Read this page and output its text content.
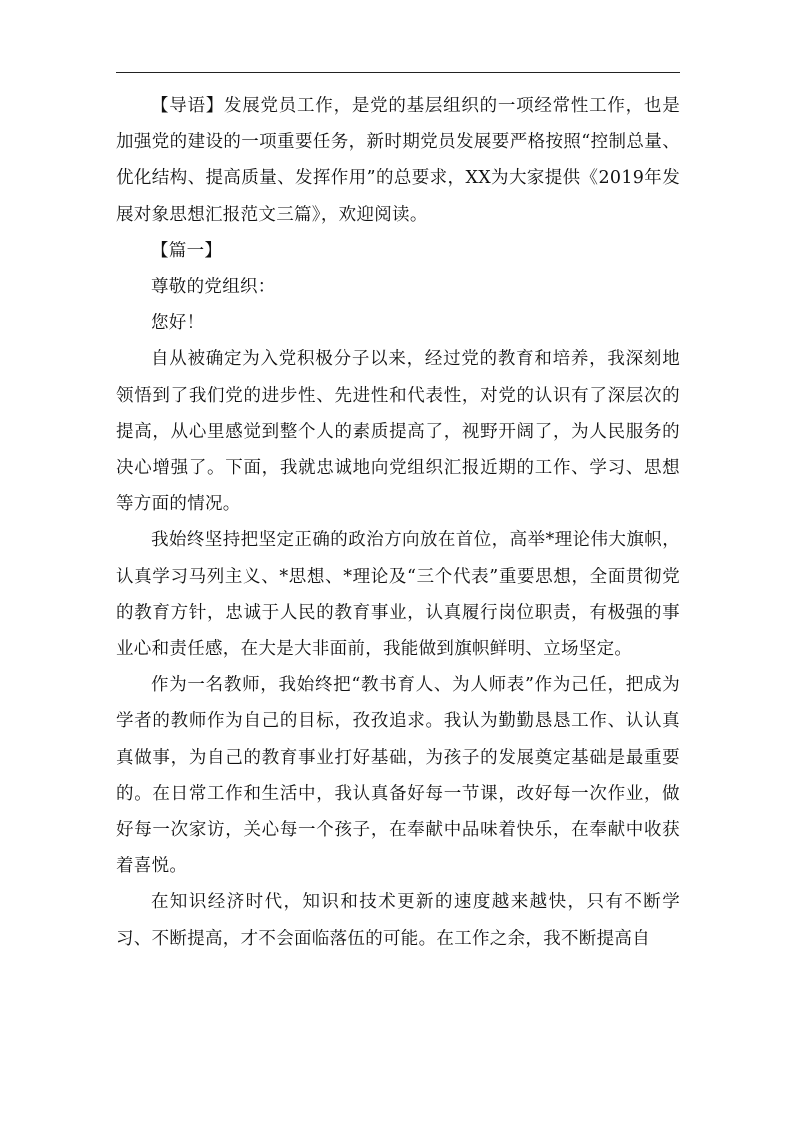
【导语】发展党员工作，是党的基层组织的一项经常性工作，也是加强党的建设的一项重要任务，新时期党员发展要严格按照“控制总量、优化结构、提高质量、发挥作用”的总要求，XX为大家提供《2019年发展对象思想汇报范文三篇》，欢迎阅读。

【篇一】

尊敬的党组织：

您好！

自从被确定为入党积极分子以来，经过党的教育和培养，我深刻地领悟到了我们党的进步性、先进性和代表性，对党的认识有了深层次的提高，从心里感觉到整个人的素质提高了，视野开阔了，为人民服务的决心增强了。下面，我就忠诚地向党组织汇报近期的工作、学习、思想等方面的情况。

我始终坚持把坚定正确的政治方向放在首位，高举*理论伟大旗帜，认真学习马列主义、*思想、*理论及“三个代表”重要思想，全面贯彻党的教育方针，忠诚于人民的教育事业，认真履行岗位职责，有极强的事业心和责任感，在大是大非面前，我能做到旗帜鲜明、立场坚定。

作为一名教师，我始终把“教书育人、为人师表”作为己任，把成为学者的教师作为自己的目标，孜孜追求。我认为勤勤恳恳工作、认认真真做事，为自己的教育事业打好基础，为孩子的发展奠定基础是最重要的。在日常工作和生活中，我认真备好每一节课，改好每一次作业，做好每一次家访，关心每一个孩子，在奉献中品味着快乐，在奉献中收获着喜悦。

在知识经济时代，知识和技术更新的速度越来越快，只有不断学习、不断提高，才不会面临落伍的可能。在工作之余，我不断提高自
